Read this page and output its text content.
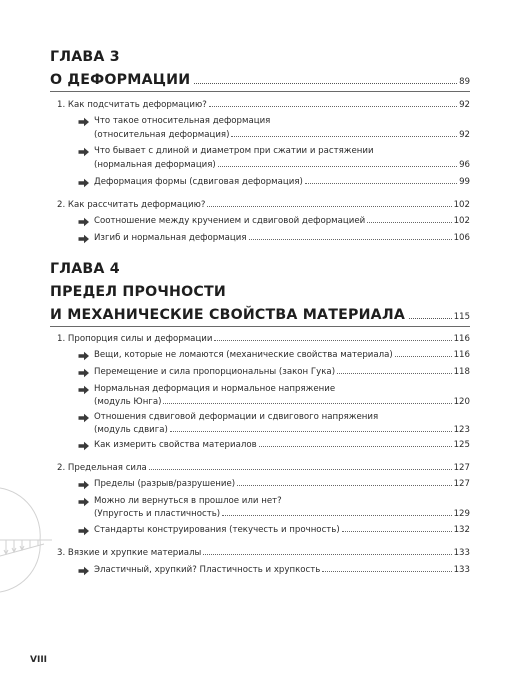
ГЛАВА 3
О ДЕФОРМАЦИИ	89
1. Как подсчитать деформацию?	92
Что такое относительная деформация
(относительная деформация)	92
Что бывает с длиной и диаметром при сжатии и растяжении
(нормальная деформация)	96
Деформация формы (сдвиговая деформация)	99
2. Как рассчитать деформацию?	102
Соотношение между кручением и сдвиговой деформацией	102
Изгиб и нормальная деформация	106
ГЛАВА 4
ПРЕДЕЛ ПРОЧНОСТИ
И МЕХАНИЧЕСКИЕ СВОЙСТВА МАТЕРИАЛА	115
1. Пропорция силы и деформации	116
Вещи, которые не ломаются (механические свойства материала)	116
Перемещение и сила пропорциональны (закон Гука)	118
Нормальная деформация и нормальное напряжение
(модуль Юнга)	120
Отношения сдвиговой деформации и сдвигового напряжения
(модуль сдвига)	123
Как измерить свойства материалов	125
2. Предельная сила	127
Пределы (разрыв/разрушение)	127
Можно ли вернуться в прошлое или нет?
(Упругость и пластичность)	129
Стандарты конструирования (текучесть и прочность)	132
3. Вязкие и хрупкие материалы	133
Эластичный, хрупкий? Пластичность и хрупкость	133
VIII
